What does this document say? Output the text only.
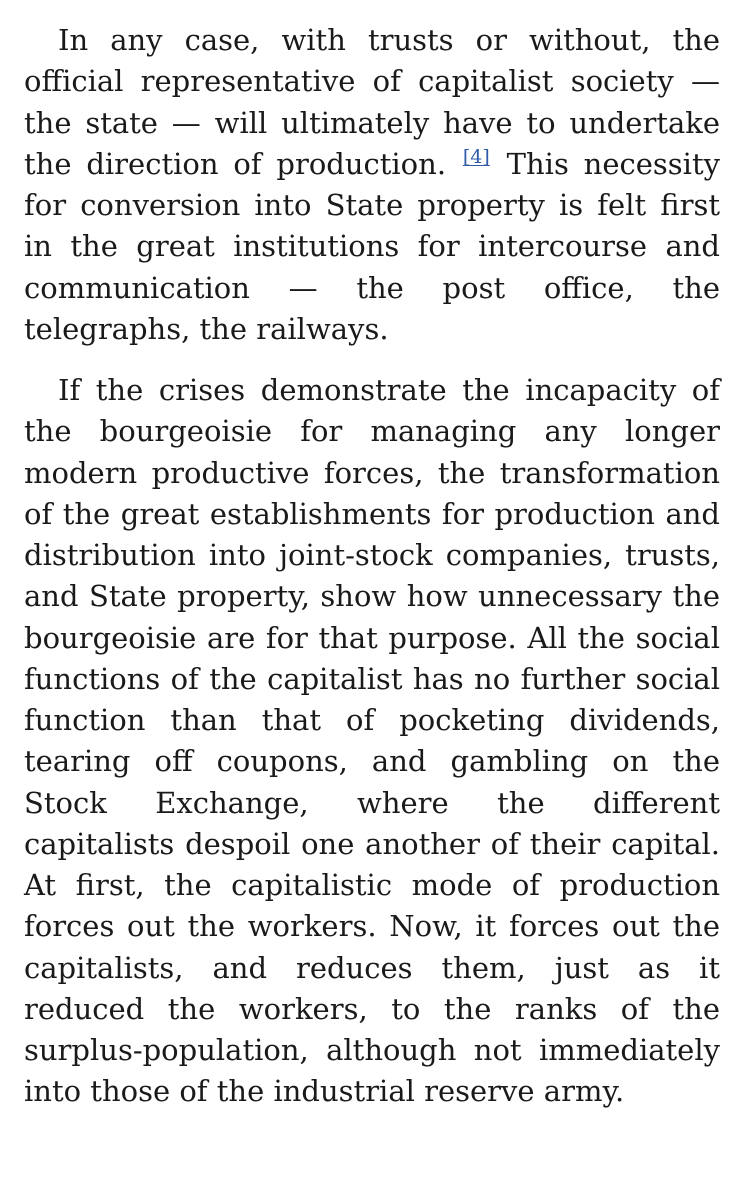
In any case, with trusts or without, the official representative of capitalist society — the state — will ultimately have to undertake the direction of production. [4] This necessity for conversion into State property is felt first in the great institutions for intercourse and communication — the post office, the telegraphs, the railways.

If the crises demonstrate the incapacity of the bourgeoisie for managing any longer modern productive forces, the transformation of the great establishments for production and distribution into joint-stock companies, trusts, and State property, show how unnecessary the bourgeoisie are for that purpose. All the social functions of the capitalist has no further social function than that of pocketing dividends, tearing off coupons, and gambling on the Stock Exchange, where the different capitalists despoil one another of their capital. At first, the capitalistic mode of production forces out the workers. Now, it forces out the capitalists, and reduces them, just as it reduced the workers, to the ranks of the surplus-population, although not immediately into those of the industrial reserve army.
